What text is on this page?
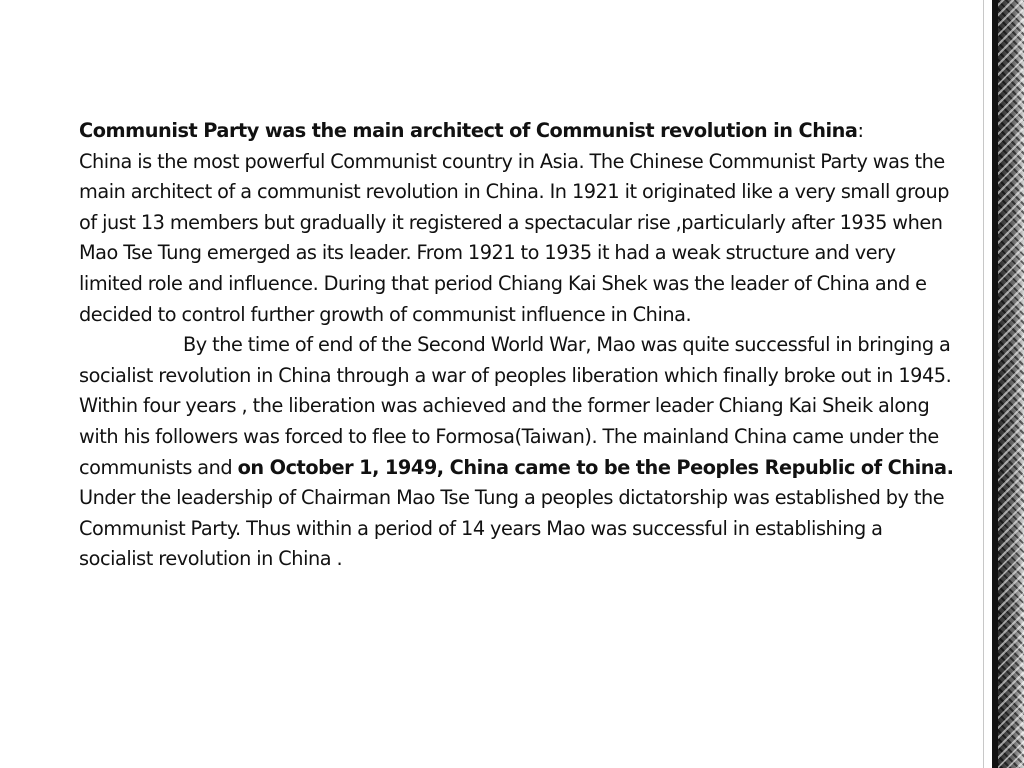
Communist Party was the main architect of Communist revolution in China:
China is the most powerful Communist country in Asia. The Chinese Communist Party was the main architect of a communist revolution in China. In 1921 it originated like a very small group of just 13 members but gradually it registered a spectacular rise ,particularly after 1935 when Mao Tse Tung emerged as its leader. From 1921 to 1935 it had a weak structure and very limited role and influence. During that period Chiang Kai Shek was the leader of China and e decided to control further growth of communist influence in China.
By the time of end of the Second World War, Mao was quite successful in bringing a socialist revolution in China through a war of peoples liberation which finally broke out in 1945. Within four years , the liberation was achieved and the former leader Chiang Kai Sheik along with his followers was forced to flee to Formosa(Taiwan). The mainland China came under the communists and on October 1, 1949, China came to be the Peoples Republic of China. Under the leadership of Chairman Mao Tse Tung a peoples dictatorship was established by the Communist Party. Thus within a period of 14 years Mao was successful in establishing a socialist revolution in China .
